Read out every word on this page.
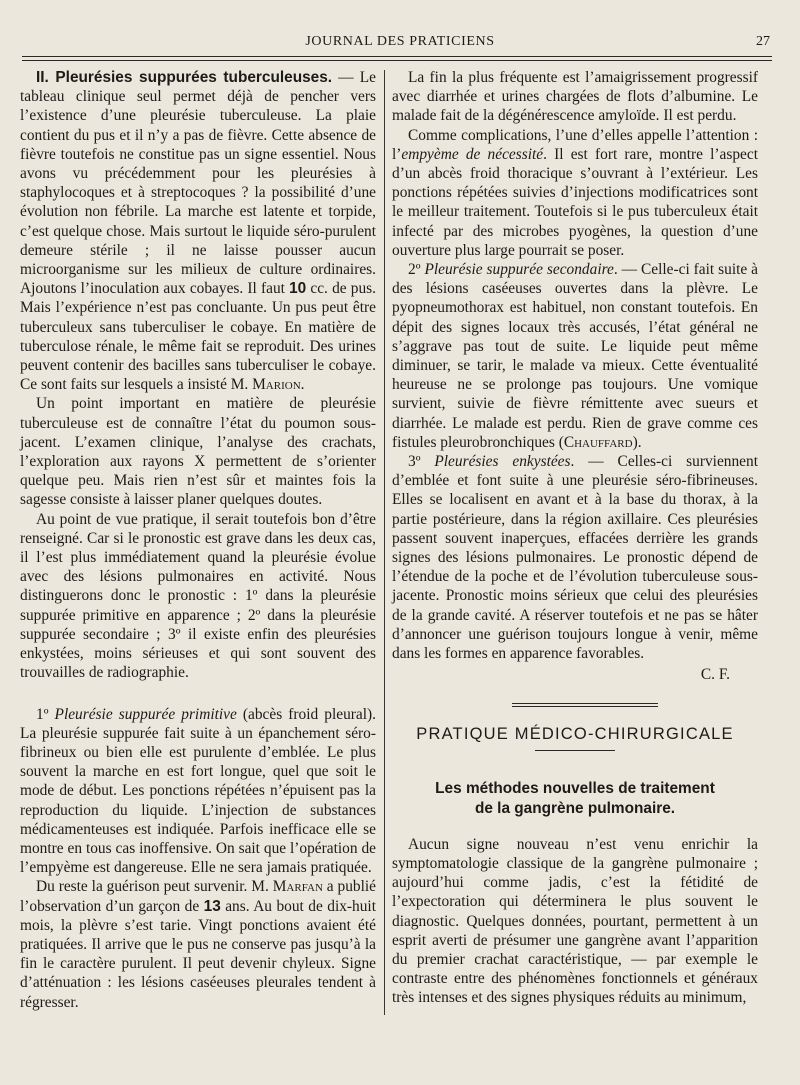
JOURNAL DES PRATICIENS	27

II. Pleurésies suppurées tuberculeuses. — Le tableau clinique seul permet déjà de pencher vers l’existence d’une pleurésie tuberculeuse. La plaie contient du pus et il n’y a pas de fièvre. Cette absence de fièvre toutefois ne constitue pas un signe essentiel. Nous avons vu précédemment pour les pleurésies à staphylocoques et à streptocoques ? la possibilité d’une évolution non fébrile. La marche est latente et torpide, c’est quelque chose. Mais surtout le liquide séro-purulent demeure stérile ; il ne laisse pousser aucun microorganisme sur les milieux de culture ordinaires. Ajoutons l’inoculation aux cobayes. Il faut 10 cc. de pus. Mais l’expérience n’est pas concluante. Un pus peut être tuberculeux sans tuberculiser le cobaye. En matière de tuberculose rénale, le même fait se reproduit. Des urines peuvent contenir des bacilles sans tuberculiser le cobaye. Ce sont faits sur lesquels a insisté M. Marion.

Un point important en matière de pleurésie tuberculeuse est de connaître l’état du poumon sous-jacent. L’examen clinique, l’analyse des crachats, l’exploration aux rayons X permettent de s’orienter quelque peu. Mais rien n’est sûr et maintes fois la sagesse consiste à laisser planer quelques doutes.

Au point de vue pratique, il serait toutefois bon d’être renseigné. Car si le pronostic est grave dans les deux cas, il l’est plus immédiatement quand la pleurésie évolue avec des lésions pulmonaires en activité. Nous distinguerons donc le pronostic : 1º dans la pleurésie suppurée primitive en apparence ; 2º dans la pleurésie suppurée secondaire ; 3º il existe enfin des pleurésies enkystées, moins sérieuses et qui sont souvent des trouvailles de radiographie.

1º Pleurésie suppurée primitive (abcès froid pleural). La pleurésie suppurée fait suite à un épanchement séro-fibrineux ou bien elle est purulente d’emblée. Le plus souvent la marche en est fort longue, quel que soit le mode de début. Les ponctions répétées n’épuisent pas la reproduction du liquide. L’injection de substances médicamenteuses est indiquée. Parfois inefficace elle se montre en tous cas inoffensive. On sait que l’opération de l’empyème est dangereuse. Elle ne sera jamais pratiquée.

Du reste la guérison peut survenir. M. Marfan a publié l’observation d’un garçon de 13 ans. Au bout de dix-huit mois, la plèvre s’est tarie. Vingt ponctions avaient été pratiquées. Il arrive que le pus ne conserve pas jusqu’à la fin le caractère purulent. Il peut devenir chyleux. Signe d’atténuation : les lésions caséeuses pleurales tendent à régresser.

La fin la plus fréquente est l’amaigrissement progressif avec diarrhée et urines chargées de flots d’albumine. Le malade fait de la dégénérescence amyloïde. Il est perdu.

Comme complications, l’une d’elles appelle l’attention : l’empyème de nécessité. Il est fort rare, montre l’aspect d’un abcès froid thoracique s’ouvrant à l’extérieur. Les ponctions répétées suivies d’injections modificatrices sont le meilleur traitement. Toutefois si le pus tuberculeux était infecté par des microbes pyogènes, la question d’une ouverture plus large pourrait se poser.

2º Pleurésie suppurée secondaire. — Celle-ci fait suite à des lésions caséeuses ouvertes dans la plèvre. Le pyopneumothorax est habituel, non constant toutefois. En dépit des signes locaux très accusés, l’état général ne s’aggrave pas tout de suite. Le liquide peut même diminuer, se tarir, le malade va mieux. Cette éventualité heureuse ne se prolonge pas toujours. Une vomique survient, suivie de fièvre rémittente avec sueurs et diarrhée. Le malade est perdu. Rien de grave comme ces fistules pleurobronchiques (Chauffard).

3º Pleurésies enkystées. — Celles-ci surviennent d’emblée et font suite à une pleurésie séro-fibrineuses. Elles se localisent en avant et à la base du thorax, à la partie postérieure, dans la région axillaire. Ces pleurésies passent souvent inaperçues, effacées derrière les grands signes des lésions pulmonaires. Le pronostic dépend de l’étendue de la poche et de l’évolution tuberculeuse sous-jacente. Pronostic moins sérieux que celui des pleurésies de la grande cavité. A réserver toutefois et ne pas se hâter d’annoncer une guérison toujours longue à venir, même dans les formes en apparence favorables.

C. F.
PRATIQUE MÉDICO-CHIRURGICALE
Les méthodes nouvelles de traitement
de la gangrène pulmonaire.

Aucun signe nouveau n’est venu enrichir la symptomatologie classique de la gangrène pulmonaire ; aujourd’hui comme jadis, c’est la fétidité de l’expectoration qui déterminera le plus souvent le diagnostic. Quelques données, pourtant, permettent à un esprit averti de présumer une gangrène avant l’apparition du premier crachat caractéristique, — par exemple le contraste entre des phénomènes fonctionnels et généraux très intenses et des signes physiques réduits au minimum,
